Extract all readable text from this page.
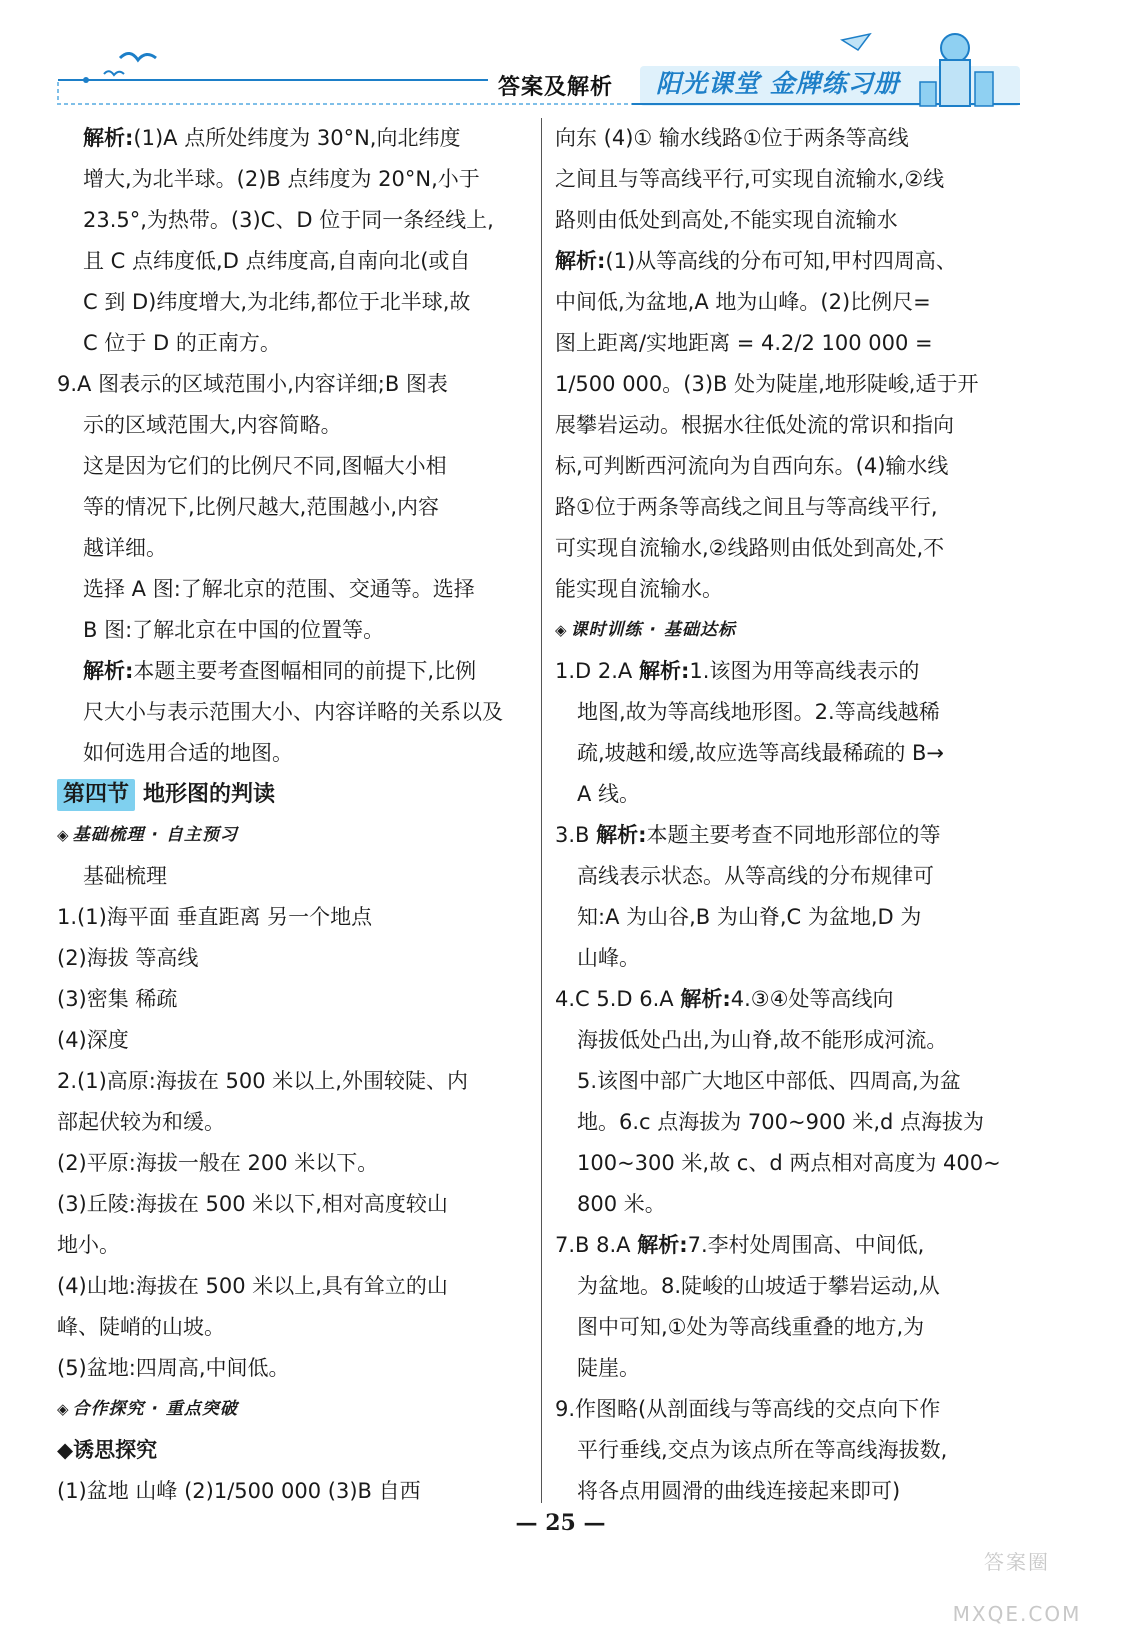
答案及解析 阳光课堂 金牌练习册
解析:(1)A 点所处纬度为 30°N,向北纬度
增大,为北半球。(2)B 点纬度为 20°N,小于
23.5°,为热带。(3)C、D 位于同一条经线上,
且 C 点纬度低,D 点纬度高,自南向北(或自
C 到 D)纬度增大,为北纬,都位于北半球,故
C 位于 D 的正南方。
9.A 图表示的区域范围小,内容详细;B 图表
示的区域范围大,内容简略。
这是因为它们的比例尺不同,图幅大小相
等的情况下,比例尺越大,范围越小,内容
越详细。
选择 A 图:了解北京的范围、交通等。选择
B 图:了解北京在中国的位置等。
解析:本题主要考查图幅相同的前提下,比例
尺大小与表示范围大小、内容详略的关系以及
如何选用合适的地图。
第四节 地形图的判读
◈ 基础梳理 · 自主预习
基础梳理
1.(1)海平面 垂直距离 另一个地点
(2)海拔 等高线
(3)密集 稀疏
(4)深度
2.(1)高原:海拔在 500 米以上,外围较陡、内
部起伏较为和缓。
(2)平原:海拔一般在 200 米以下。
(3)丘陵:海拔在 500 米以下,相对高度较山
地小。
(4)山地:海拔在 500 米以上,具有耸立的山
峰、陡峭的山坡。
(5)盆地:四周高,中间低。
◈ 合作探究 · 重点突破
◆诱思探究
(1)盆地 山峰 (2)1/500 000 (3)B 自西
向东 (4)① 输水线路①位于两条等高线
之间且与等高线平行,可实现自流输水,②线
路则由低处到高处,不能实现自流输水
解析:(1)从等高线的分布可知,甲村四周高、
中间低,为盆地,A 地为山峰。(2)比例尺=
图上距离/实地距离 = 4.2/2 100 000 =
1/500 000。(3)B 处为陡崖,地形陡峻,适于开
展攀岩运动。根据水往低处流的常识和指向
标,可判断西河流向为自西向东。(4)输水线
路①位于两条等高线之间且与等高线平行,
可实现自流输水,②线路则由低处到高处,不
能实现自流输水。
◈ 课时训练 · 基础达标
1.D 2.A 解析:1.该图为用等高线表示的
地图,故为等高线地形图。2.等高线越稀
疏,坡越和缓,故应选等高线最稀疏的 B→
A 线。
3.B 解析:本题主要考查不同地形部位的等
高线表示状态。从等高线的分布规律可
知:A 为山谷,B 为山脊,C 为盆地,D 为
山峰。
4.C 5.D 6.A 解析:4.③④处等高线向
海拔低处凸出,为山脊,故不能形成河流。
5.该图中部广大地区中部低、四周高,为盆
地。6.c 点海拔为 700~900 米,d 点海拔为
100~300 米,故 c、d 两点相对高度为 400~
800 米。
7.B 8.A 解析:7.李村处周围高、中间低,
为盆地。8.陡峻的山坡适于攀岩运动,从
图中可知,①处为等高线重叠的地方,为
陡崖。
9.作图略(从剖面线与等高线的交点向下作
平行垂线,交点为该点所在等高线海拔数,
将各点用圆滑的曲线连接起来即可)
— 25 —
答案圈 MXQE.COM
